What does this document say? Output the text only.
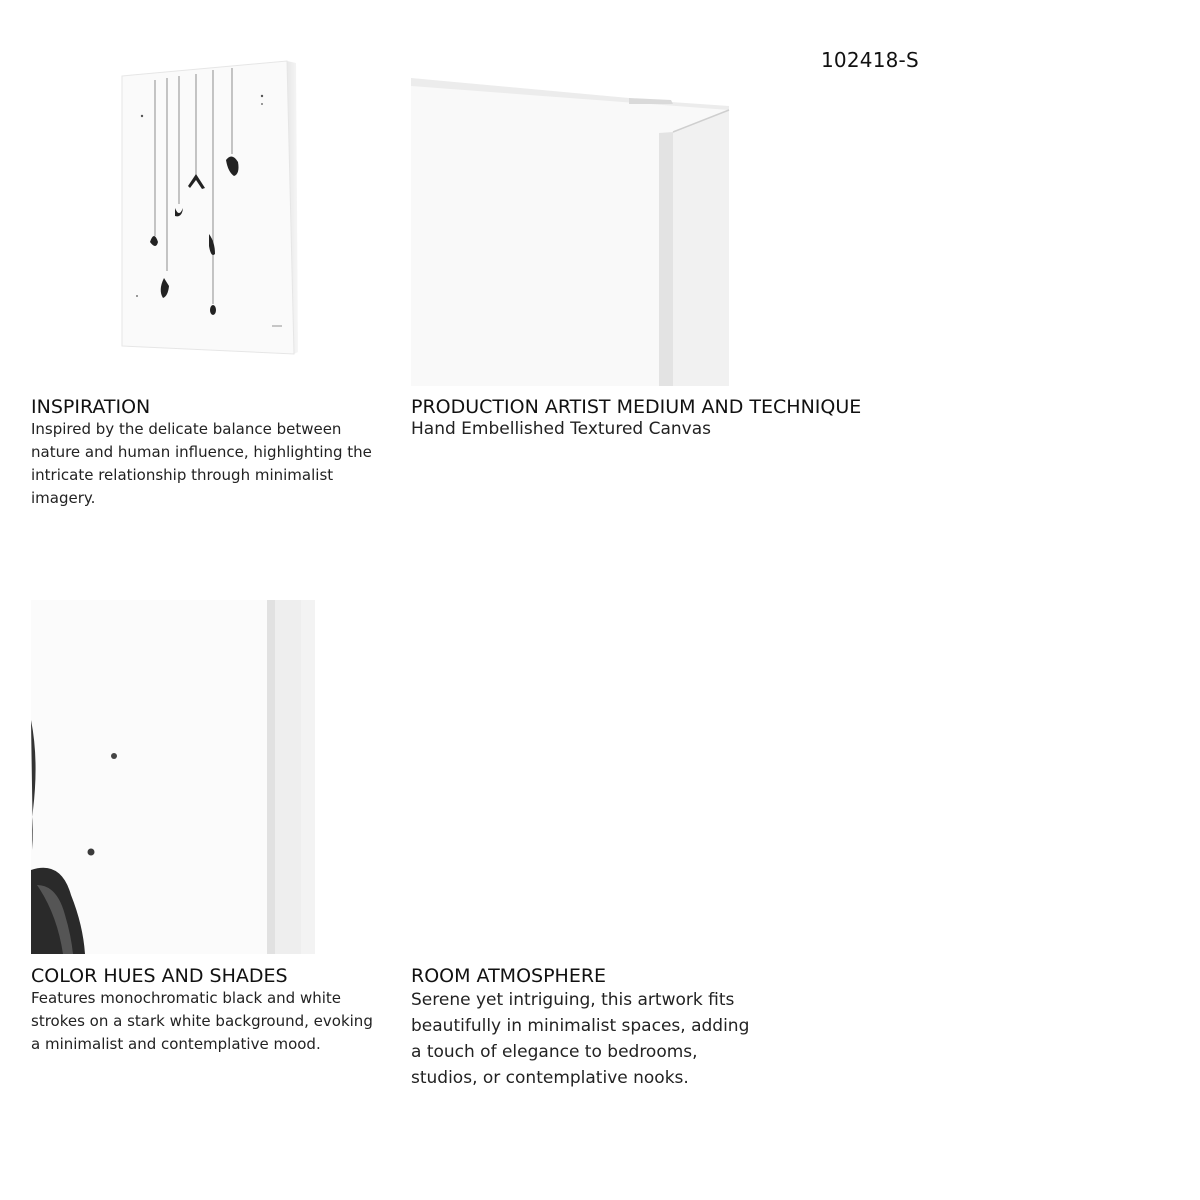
102418-S
INSPIRATION
Inspired by the delicate balance between
nature and human influence, highlighting the
intricate relationship through minimalist
imagery.
PRODUCTION ARTIST MEDIUM AND TECHNIQUE
Hand Embellished Textured Canvas
COLOR HUES AND SHADES
Features monochromatic black and white
strokes on a stark white background, evoking
a minimalist and contemplative mood.
ROOM ATMOSPHERE
Serene yet intriguing, this artwork fits
beautifully in minimalist spaces, adding
a touch of elegance to bedrooms,
studios, or contemplative nooks.
